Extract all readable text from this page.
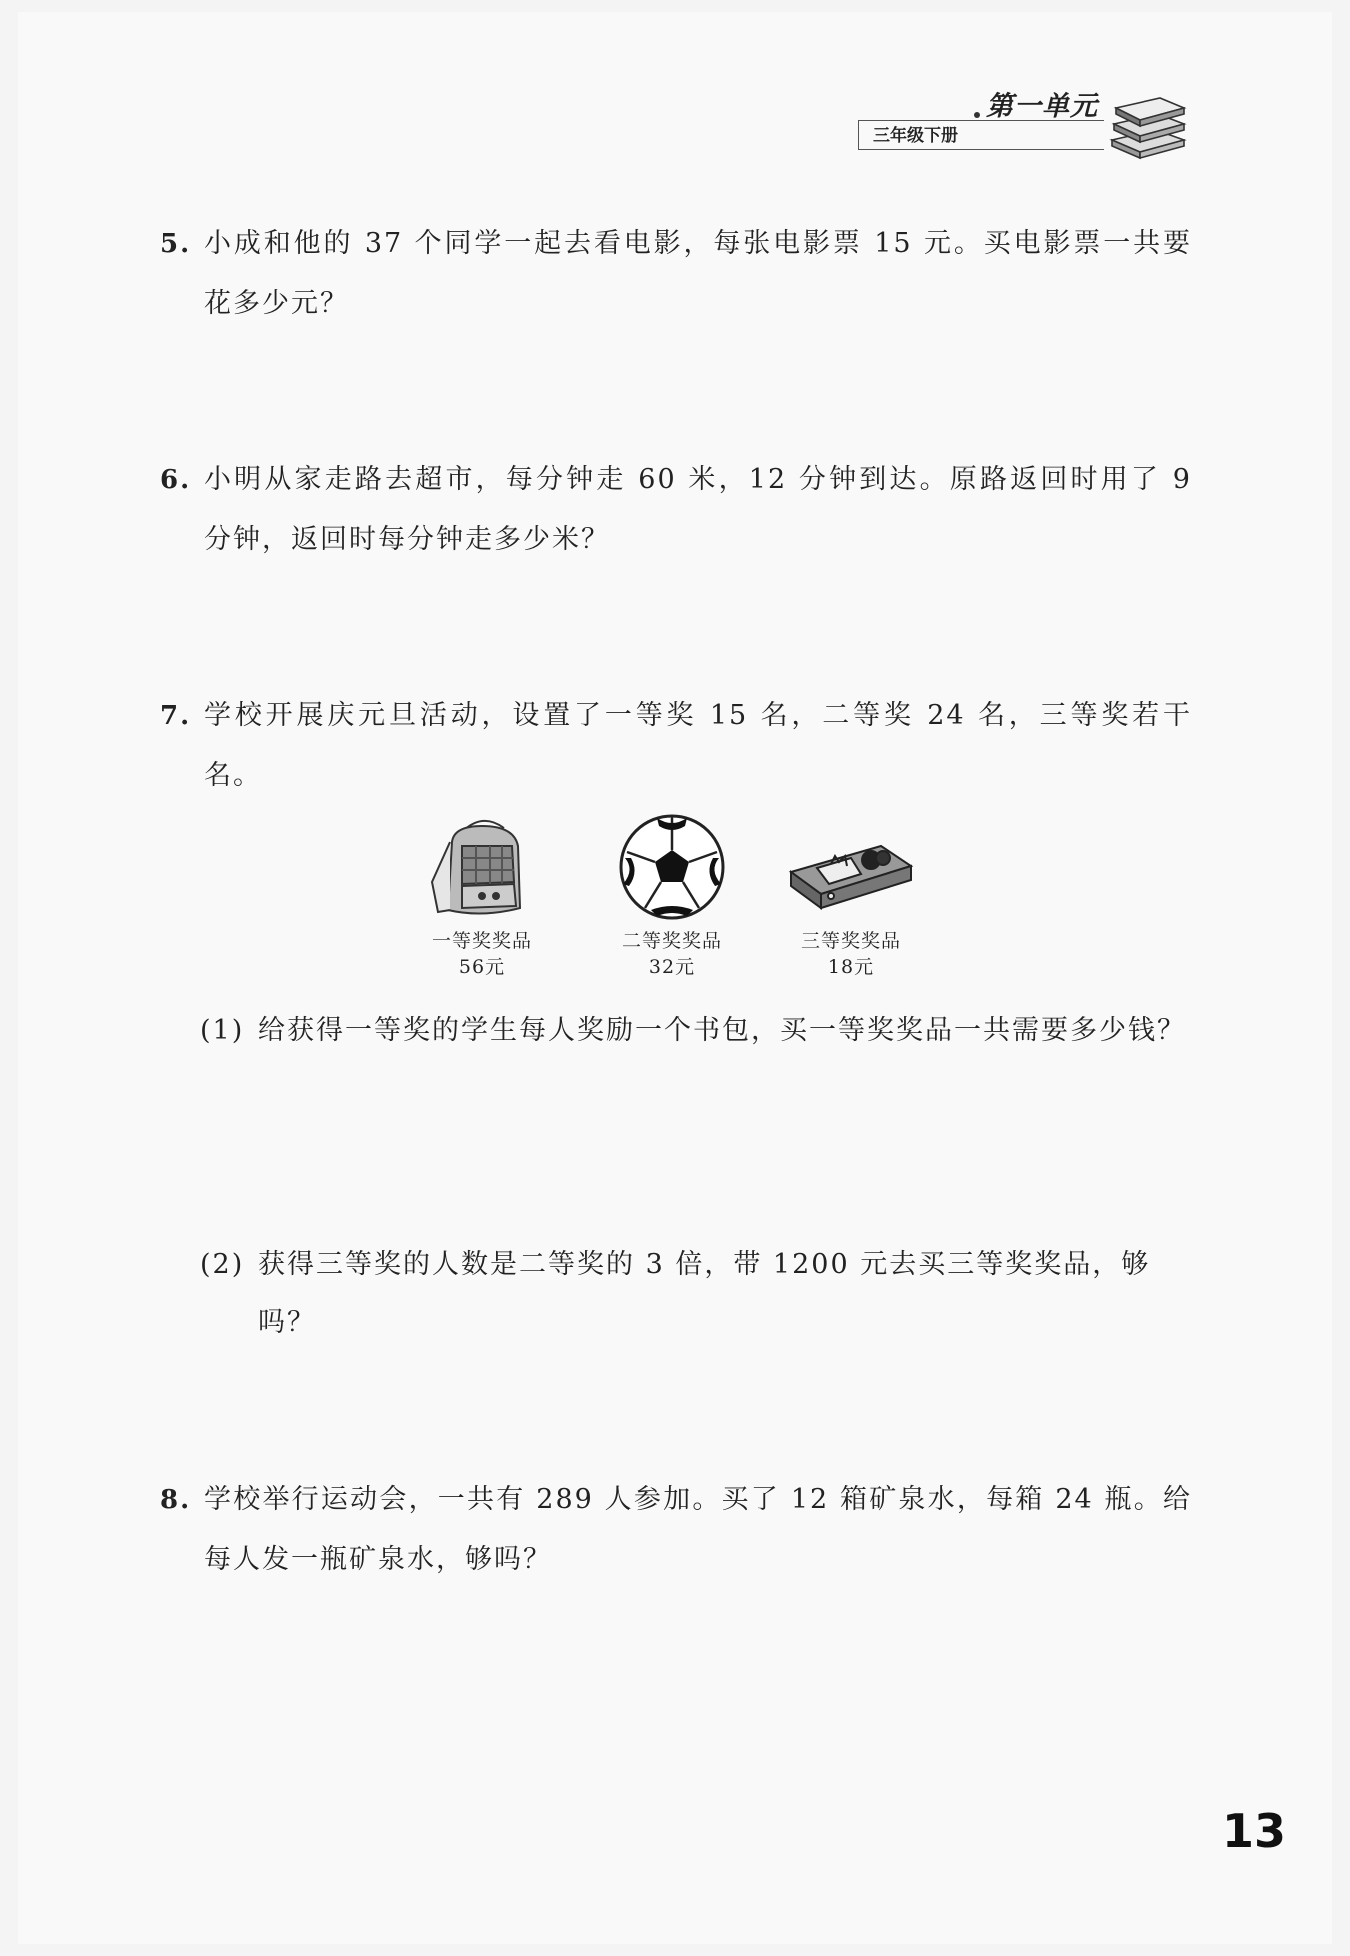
三年级下册
第一单元
5. 小成和他的 37 个同学一起去看电影，每张电影票 15 元。买电影票一共要花多少元？
6. 小明从家走路去超市，每分钟走 60 米，12 分钟到达。原路返回时用了 9 分钟，返回时每分钟走多少米？
7. 学校开展庆元旦活动，设置了一等奖 15 名，二等奖 24 名，三等奖若干名。
一等奖奖品
56元
二等奖奖品
32元
三等奖奖品
18元
(1) 给获得一等奖的学生每人奖励一个书包，买一等奖奖品一共需要多少钱？
(2) 获得三等奖的人数是二等奖的 3 倍，带 1200 元去买三等奖奖品，够吗？
8. 学校举行运动会，一共有 289 人参加。买了 12 箱矿泉水，每箱 24 瓶。给每人发一瓶矿泉水，够吗？
13
